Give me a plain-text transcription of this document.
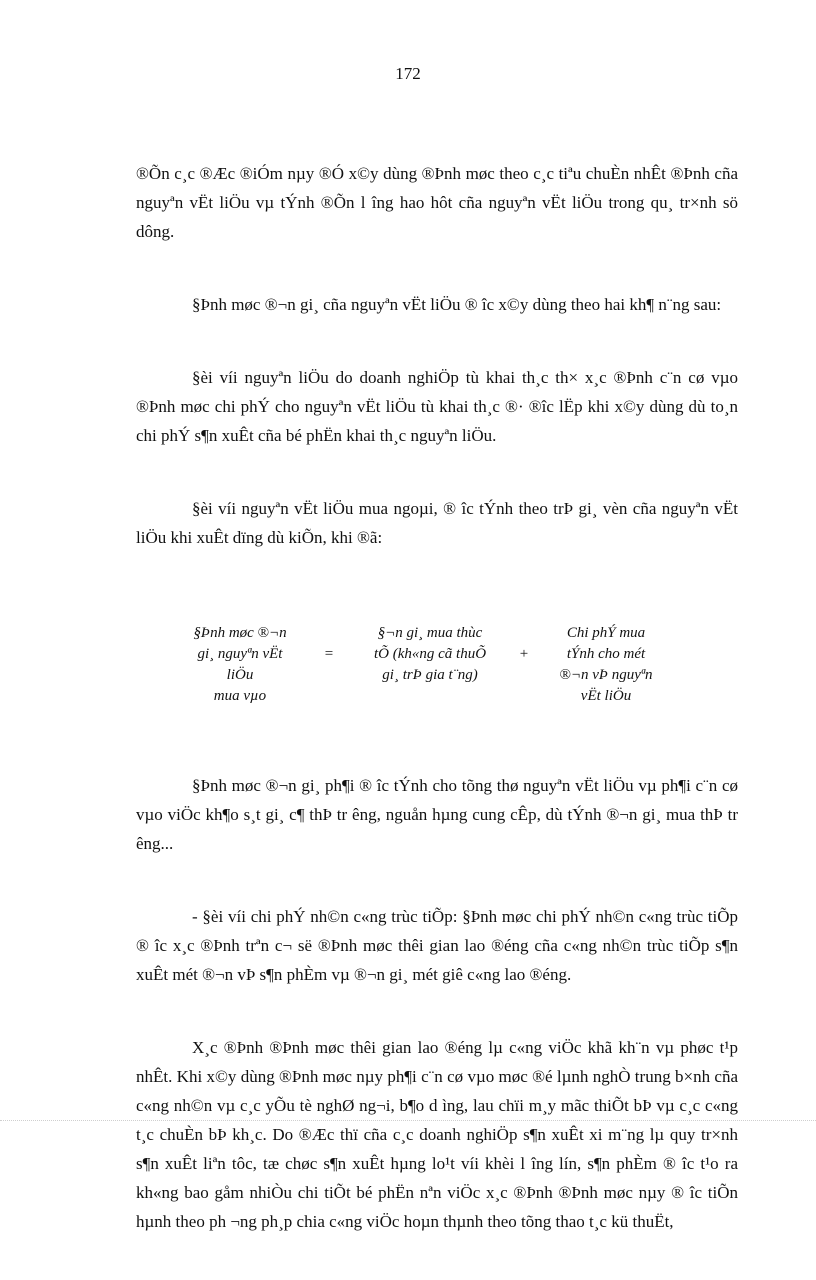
172

®Õn c¸c ®Æc ®iÓm nµy ®Ó x©y dùng ®Þnh møc theo c¸c tiªu chuÈn nhÊt ®Þnh cña nguyªn vËt liÖu vµ tÝnh ®Õn l îng hao hôt cña nguyªn vËt liÖu trong qu¸ tr×nh sö dông.

§Þnh møc ®¬n gi¸ cña nguyªn vËt liÖu ® îc x©y dùng theo hai kh¶ n¨ng sau:

§èi víi nguyªn liÖu do doanh nghiÖp tù khai th¸c th× x¸c ®Þnh c¨n cø vµo ®Þnh møc chi phÝ cho nguyªn vËt liÖu tù khai th¸c ®· ®îc lËp khi x©y dùng dù to¸n chi phÝ s¶n xuÊt cña bé phËn khai th¸c nguyªn liÖu.

§èi víi nguyªn vËt liÖu mua ngoµi, ® îc tÝnh theo trÞ gi¸ vèn cña nguyªn vËt liÖu khi xuÊt dïng dù kiÕn, khi ®ã:

§Þnh møc ®¬n
gi¸ nguyªn vËt
liÖu
mua vµo
=
§¬n gi¸ mua thùc
tÕ (kh«ng cã thuÕ
gi¸ trÞ gia t¨ng)
+
Chi phÝ mua
tÝnh cho mét
®¬n vÞ nguyªn
vËt liÖu

§Þnh møc ®¬n gi¸ ph¶i ® îc tÝnh cho tõng thø nguyªn vËt liÖu vµ ph¶i c¨n cø vµo viÖc kh¶o s¸t gi¸ c¶ thÞ tr êng, nguån hµng cung cÊp, dù tÝnh ®¬n gi¸ mua thÞ tr êng...

- §èi víi chi phÝ nh©n c«ng trùc tiÕp: §Þnh møc chi phÝ nh©n c«ng trùc tiÕp ® îc x¸c ®Þnh trªn c¬ së ®Þnh møc thêi gian lao ®éng cña c«ng nh©n trùc tiÕp s¶n xuÊt mét ®¬n vÞ s¶n phÈm vµ ®¬n gi¸ mét giê c«ng lao ®éng.

X¸c ®Þnh ®Þnh møc thêi gian lao ®éng lµ c«ng viÖc khã kh¨n vµ phøc t¹p nhÊt. Khi x©y dùng ®Þnh møc nµy ph¶i c¨n cø vµo møc ®é lµnh nghÒ trung b×nh cña c«ng nh©n vµ c¸c yÕu tè nghØ ng¬i, b¶o d ìng, lau chïi m¸y mãc thiÕt bÞ vµ c¸c c«ng t¸c chuÈn bÞ kh¸c. Do ®Æc thï cña c¸c doanh nghiÖp s¶n xuÊt xi m¨ng lµ quy tr×nh s¶n xuÊt liªn tôc, tæ chøc s¶n xuÊt hµng lo¹t víi khèi l îng lín, s¶n phÈm ® îc t¹o ra kh«ng bao gåm nhiÒu chi tiÕt bé phËn nªn viÖc x¸c ®Þnh ®Þnh møc nµy ® îc tiÕn hµnh theo ph ¬ng ph¸p chia c«ng viÖc hoµn thµnh theo tõng thao t¸c kü thuËt,
